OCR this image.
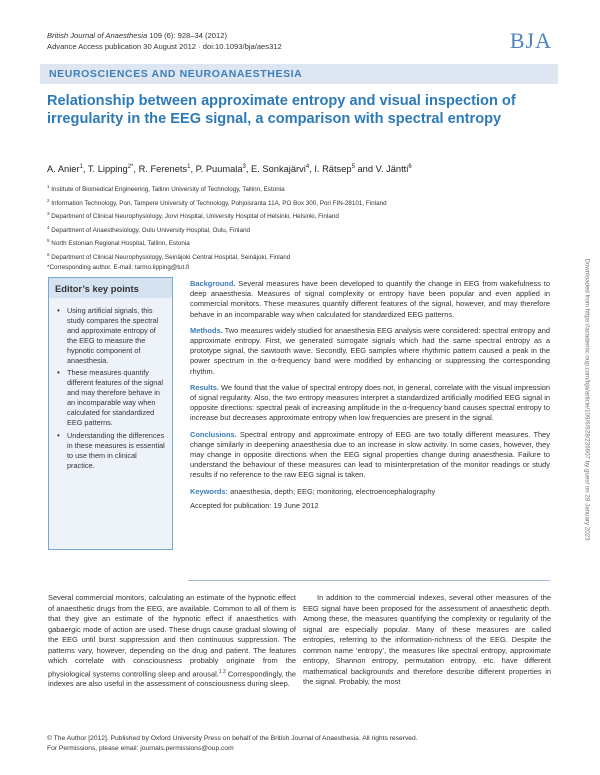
British Journal of Anaesthesia 109 (6): 928–34 (2012)
Advance Access publication 30 August 2012 · doi:10.1093/bja/aes312	BJA
NEUROSCIENCES AND NEUROANAESTHESIA
Relationship between approximate entropy and visual inspection of irregularity in the EEG signal, a comparison with spectral entropy
A. Anier$^1$, T. Lipping$^{2*}$, R. Ferenets$^1$, P. Puumala$^3$, E. Sonkajärvi$^4$, I. Rätsep$^5$ and V. Jäntti$^6$
$^1$ Institute of Biomedical Engineering, Tallinn University of Technology, Tallinn, Estonia
$^2$ Information Technology, Pori, Tampere University of Technology, Pohjoisranta 11A, PO Box 300, Pori FIN-28101, Finland
$^3$ Department of Clinical Neurophysiology, Jorvi Hospital, University Hospital of Helsinki, Helsinki, Finland
$^4$ Department of Anaesthesiology, Oulu University Hospital, Oulu, Finland
$^5$ North Estonian Regional Hospital, Tallinn, Estonia
$^6$ Department of Clinical Neurophysiology, Seinäjoki Central Hospital, Seinäjoki, Finland
*Corresponding author. E-mail: tarmo.lipping@tut.fi
Editor’s key points
• Using artificial signals, this study compares the spectral and approximate entropy of the EEG to measure the hypnotic component of anaesthesia.
• These measures quantify different features of the signal and may therefore behave in an incomparable way when calculated for standardized EEG patterns.
• Understanding the differences in these measures is essential to use them in clinical practice.

Background. Several measures have been developed to quantify the change in EEG from wakefulness to deep anaesthesia. Measures of signal complexity or entropy have been popular and even applied in commercial monitors. These measures quantify different features of the signal, however, and may therefore behave in an incomparable way when calculated for standardized EEG patterns.

Methods. Two measures widely studied for anaesthesia EEG analysis were considered: spectral entropy and approximate entropy. First, we generated surrogate signals which had the same spectral entropy as a prototype signal, the sawtooth wave. Secondly, EEG samples where rhythmic pattern caused a peak in the power spectrum in the α-frequency band were modified by enhancing or suppressing the corresponding rhythm.

Results. We found that the value of spectral entropy does not, in general, correlate with the visual impression of signal regularity. Also, the two entropy measures interpret a standardized artificially modified EEG signal in opposite directions: spectral peak of increasing amplitude in the α-frequency band causes spectral entropy to increase but decreases approximate entropy when low frequencies are present in the signal.

Conclusions. Spectral entropy and approximate entropy of EEG are two totally different measures. They change similarly in deepening anaesthesia due to an increase in slow activity. In some cases, however, they may change in opposite directions when the EEG signal properties change during anaesthesia. Failure to understand the behaviour of these measures can lead to misinterpretation of the monitor readings or study results if no reference to the raw EEG signal is taken.

Keywords: anaesthesia, depth; EEG; monitoring, electroencephalography

Accepted for publication: 19 June 2012

Several commercial monitors, calculating an estimate of the hypnotic effect of anaesthetic drugs from the EEG, are available. Common to all of them is that they give an estimate of the hypnotic effect if anaesthetics with gabaergic mode of action are used. These drugs cause gradual slowing of the EEG until burst suppression and then continuous suppression. The patterns vary, however, depending on the drug and patient. The features which correlate with consciousness probably originate from the physiological systems controlling sleep and arousal.$^{1 2}$ Correspondingly, the indexes are also useful in the assessment of consciousness during sleep.
In addition to the commercial indexes, several other measures of the EEG signal have been proposed for the assessment of anaesthetic depth. Among these, the measures quantifying the complexity or regularity of the signal are especially popular. Many of these measures are called entropies, referring to the information-richness of the EEG. Despite the common name ‘entropy’, the measures like spectral entropy, approximate entropy, Shannon entropy, permutation entropy, etc. have different mathematical backgrounds and therefore describe different properties in the signal. Probably, the most
© The Author [2012]. Published by Oxford University Press on behalf of the British Journal of Anaesthesia. All rights reserved.
For Permissions, please email: journals.permissions@oup.com
Downloaded from https://academic.oup.com/bja/article/109/6/928/236607 by guest on 28 January 2023
